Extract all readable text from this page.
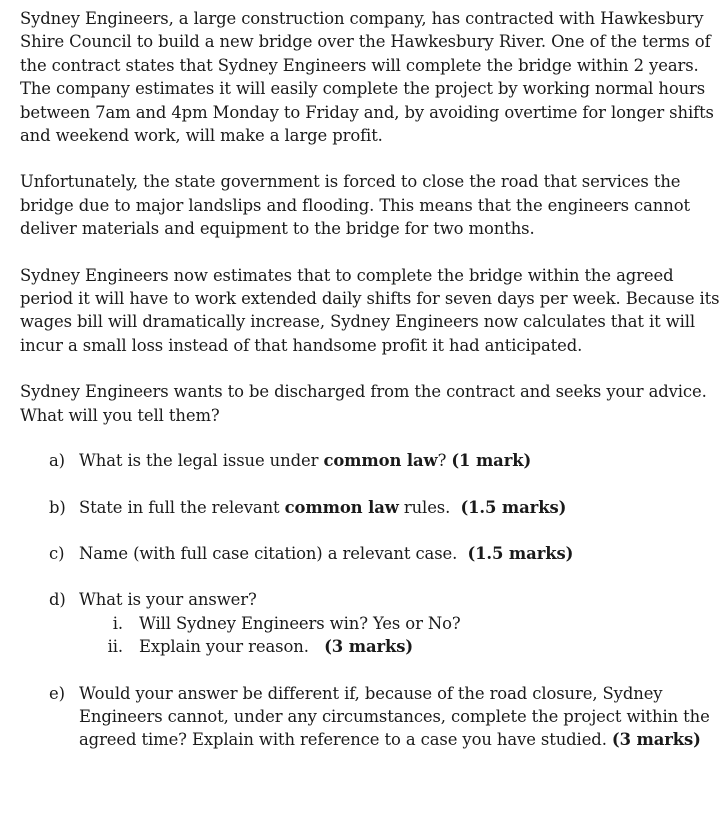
Sydney Engineers, a large construction company, has contracted with Hawkesbury Shire Council to build a new bridge over the Hawkesbury River. One of the terms of the contract states that Sydney Engineers will complete the bridge within 2 years. The company estimates it will easily complete the project by working normal hours between 7am and 4pm Monday to Friday and, by avoiding overtime for longer shifts and weekend work, will make a large profit.

Unfortunately, the state government is forced to close the road that services the bridge due to major landslips and flooding. This means that the engineers cannot deliver materials and equipment to the bridge for two months.

Sydney Engineers now estimates that to complete the bridge within the agreed period it will have to work extended daily shifts for seven days per week. Because its wages bill will dramatically increase, Sydney Engineers now calculates that it will incur a small loss instead of that handsome profit it had anticipated.

Sydney Engineers wants to be discharged from the contract and seeks your advice. What will you tell them?

a) What is the legal issue under common law? (1 mark)
b) State in full the relevant common law rules.  (1.5 marks)
c) Name (with full case citation) a relevant case.  (1.5 marks)
d) What is your answer?
i. Will Sydney Engineers win? Yes or No?
ii. Explain your reason.   (3 marks)
e) Would your answer be different if, because of the road closure, Sydney Engineers cannot, under any circumstances, complete the project within the agreed time? Explain with reference to a case you have studied. (3 marks)
